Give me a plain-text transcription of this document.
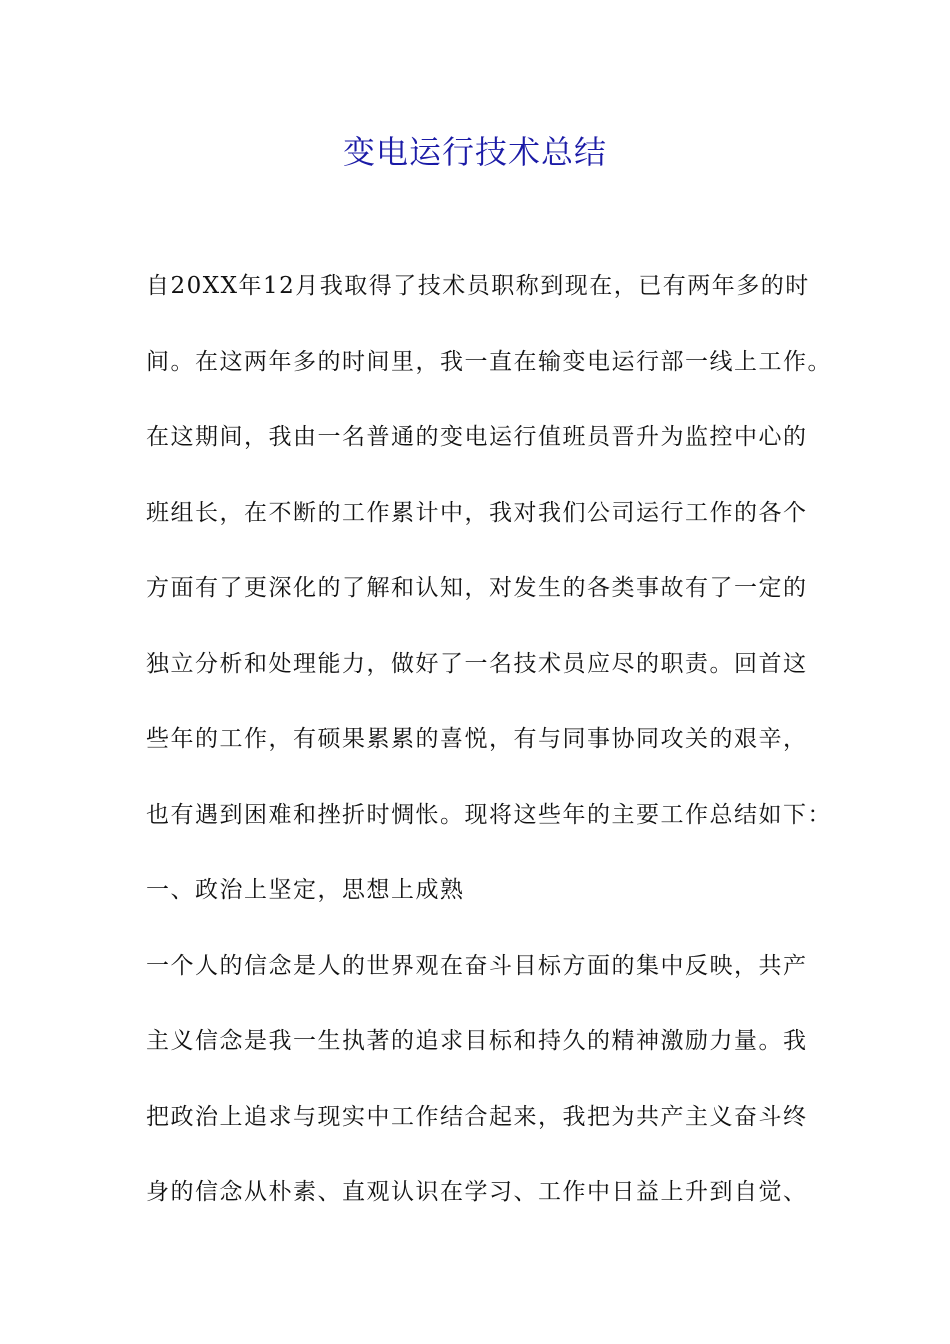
变电运行技术总结
自20XX年12月我取得了技术员职称到现在，已有两年多的时
间。在这两年多的时间里，我一直在输变电运行部一线上工作。
在这期间，我由一名普通的变电运行值班员晋升为监控中心的
班组长，在不断的工作累计中，我对我们公司运行工作的各个
方面有了更深化的了解和认知，对发生的各类事故有了一定的
独立分析和处理能力，做好了一名技术员应尽的职责。回首这
些年的工作，有硕果累累的喜悦，有与同事协同攻关的艰辛，
也有遇到困难和挫折时惆怅。现将这些年的主要工作总结如下：
一、政治上坚定，思想上成熟
一个人的信念是人的世界观在奋斗目标方面的集中反映，共产
主义信念是我一生执著的追求目标和持久的精神激励力量。我
把政治上追求与现实中工作结合起来，我把为共产主义奋斗终
身的信念从朴素、直观认识在学习、工作中日益上升到自觉、
